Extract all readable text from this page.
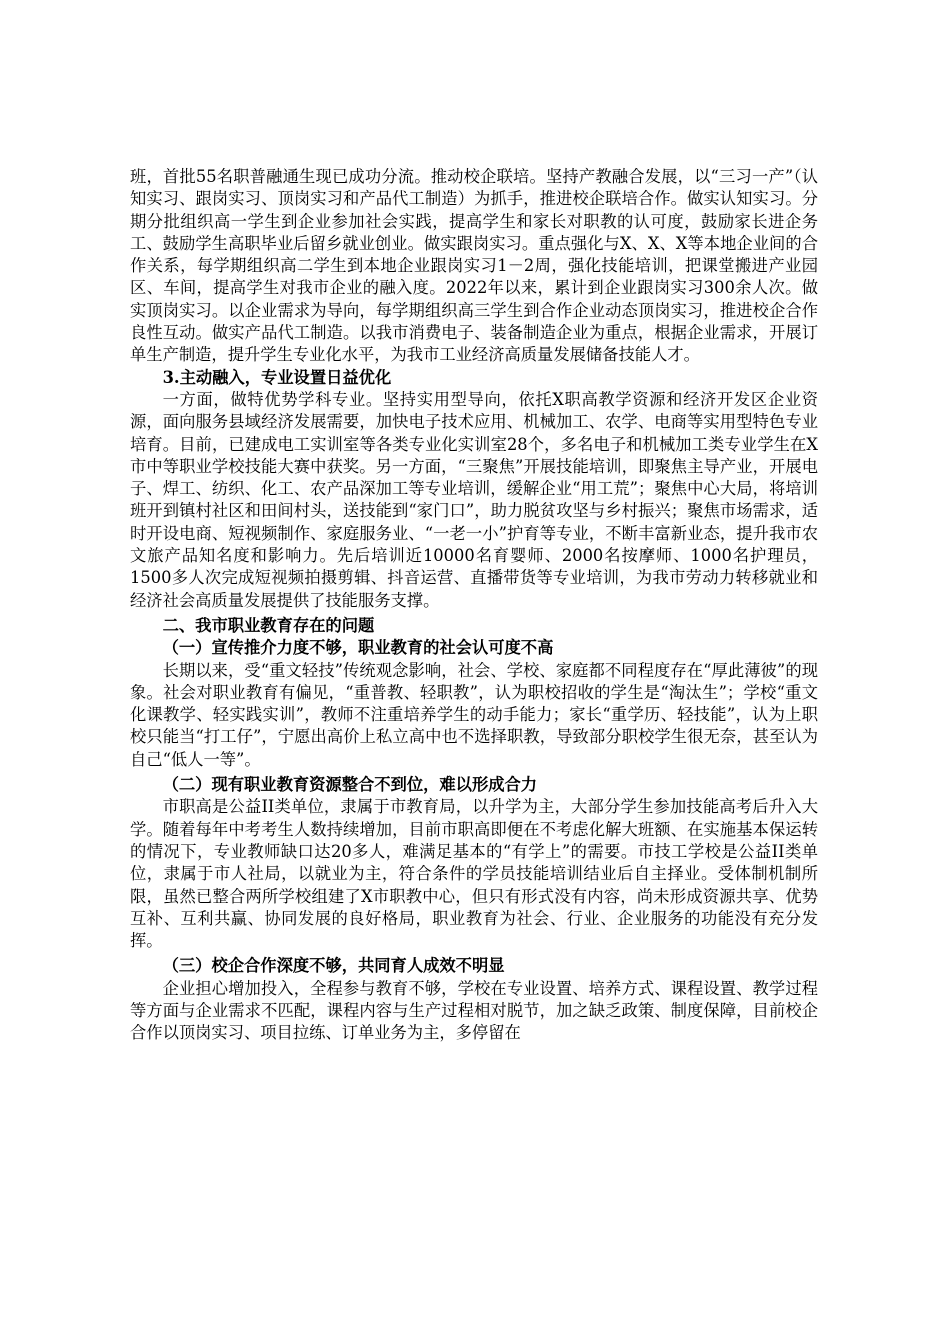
班，首批55名职普融通生现已成功分流。推动校企联培。坚持产教融合发展，以“三习一产”（认知实习、跟岗实习、顶岗实习和产品代工制造）为抓手，推进校企联培合作。做实认知实习。分期分批组织高一学生到企业参加社会实践，提高学生和家长对职教的认可度，鼓励家长进企务工、鼓励学生高职毕业后留乡就业创业。做实跟岗实习。重点强化与X、X、X等本地企业间的合作关系，每学期组织高二学生到本地企业跟岗实习1－2周，强化技能培训，把课堂搬进产业园区、车间，提高学生对我市企业的融入度。2022年以来，累计到企业跟岗实习300余人次。做实顶岗实习。以企业需求为导向，每学期组织高三学生到合作企业动态顶岗实习，推进校企合作良性互动。做实产品代工制造。以我市消费电子、装备制造企业为重点，根据企业需求，开展订单生产制造，提升学生专业化水平，为我市工业经济高质量发展储备技能人才。

3.主动融入，专业设置日益优化

一方面，做特优势学科专业。坚持实用型导向，依托X职高教学资源和经济开发区企业资源，面向服务县域经济发展需要，加快电子技术应用、机械加工、农学、电商等实用型特色专业培育。目前，已建成电工实训室等各类专业化实训室28个，多名电子和机械加工类专业学生在X市中等职业学校技能大赛中获奖。另一方面，“三聚焦”开展技能培训，即聚焦主导产业，开展电子、焊工、纺织、化工、农产品深加工等专业培训，缓解企业“用工荒”；聚焦中心大局，将培训班开到镇村社区和田间村头，送技能到“家门口”，助力脱贫攻坚与乡村振兴；聚焦市场需求，适时开设电商、短视频制作、家庭服务业、“一老一小”护育等专业，不断丰富新业态，提升我市农文旅产品知名度和影响力。先后培训近10000名育婴师、2000名按摩师、1000名护理员，1500多人次完成短视频拍摄剪辑、抖音运营、直播带货等专业培训，为我市劳动力转移就业和经济社会高质量发展提供了技能服务支撑。

二、我市职业教育存在的问题
（一）宣传推介力度不够，职业教育的社会认可度不高

长期以来，受“重文轻技”传统观念影响，社会、学校、家庭都不同程度存在“厚此薄彼”的现象。社会对职业教育有偏见，“重普教、轻职教”，认为职校招收的学生是“淘汰生”；学校“重文化课教学、轻实践实训”，教师不注重培养学生的动手能力；家长“重学历、轻技能”，认为上职校只能当“打工仔”，宁愿出高价上私立高中也不选择职教，导致部分职校学生很无奈，甚至认为自己“低人一等”。

（二）现有职业教育资源整合不到位，难以形成合力

市职高是公益II类单位，隶属于市教育局，以升学为主，大部分学生参加技能高考后升入大学。随着每年中考考生人数持续增加，目前市职高即便在不考虑化解大班额、在实施基本保运转的情况下，专业教师缺口达20多人，难满足基本的“有学上”的需要。市技工学校是公益II类单位，隶属于市人社局，以就业为主，符合条件的学员技能培训结业后自主择业。受体制机制所限，虽然已整合两所学校组建了X市职教中心，但只有形式没有内容，尚未形成资源共享、优势互补、互利共赢、协同发展的良好格局，职业教育为社会、行业、企业服务的功能没有充分发挥。

（三）校企合作深度不够，共同育人成效不明显

企业担心增加投入，全程参与教育不够，学校在专业设置、培养方式、课程设置、教学过程等方面与企业需求不匹配，课程内容与生产过程相对脱节，加之缺乏政策、制度保障，目前校企合作以顶岗实习、项目拉练、订单业务为主，多停留在
